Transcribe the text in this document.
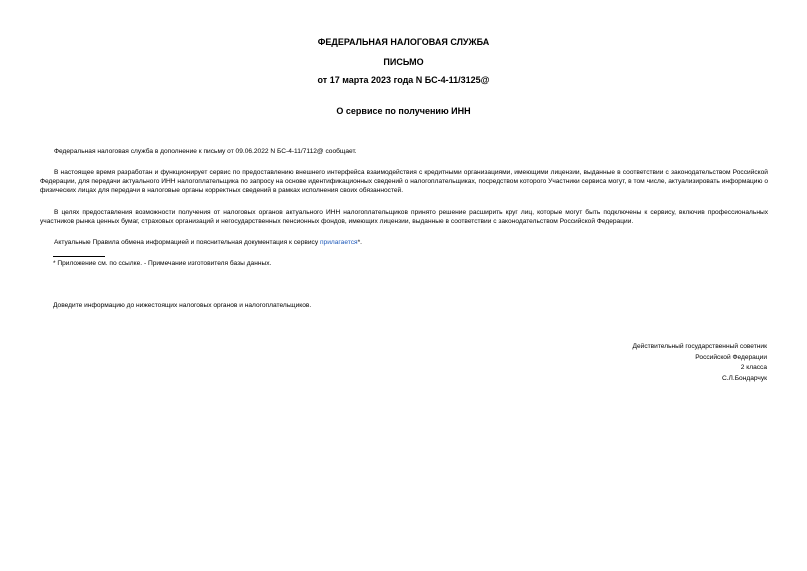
ФЕДЕРАЛЬНАЯ НАЛОГОВАЯ СЛУЖБА
ПИСЬМО
от 17 марта 2023 года N БС-4-11/3125@
О сервисе по получению ИНН
Федеральная налоговая служба в дополнение к письму от 09.06.2022 N БС-4-11/7112@ сообщает.
В настоящее время разработан и функционирует сервис по предоставлению внешнего интерфейса взаимодействия с кредитными организациями, имеющими лицензии, выданные в соответствии с законодательством Российской Федерации, для передачи актуального ИНН налогоплательщика по запросу на основе идентификационных сведений о налогоплательщиках, посредством которого Участники сервиса могут, в том числе, актуализировать информацию о физических лицах для передачи в налоговые органы корректных сведений в рамках исполнения своих обязанностей.
В целях предоставления возможности получения от налоговых органов актуального ИНН налогоплательщиков принято решение расширить круг лиц, которые могут быть подключены к сервису, включив профессиональных участников рынка ценных бумаг, страховых организаций и негосударственных пенсионных фондов, имеющих лицензии, выданные в соответствии с законодательством Российской Федерации.
Актуальные Правила обмена информацией и пояснительная документация к сервису прилагается*.
* Приложение см. по ссылке. - Примечание изготовителя базы данных.
Доведите информацию до нижестоящих налоговых органов и налогоплательщиков.
Действительный государственный советник
Российской Федерации
2 класса
С.Л.Бондарчук
